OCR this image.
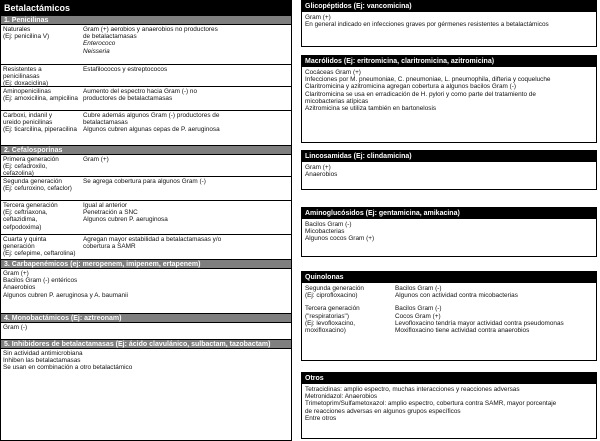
Betalactámicos
1. Penicilinas
Naturales
(Ej: penicilina V)
Gram (+) aerobios y anaerobios no productores
de betalactamasas
Enterococo
Neisseria
Resistentes a penicilinasas
(Ej: doxaciclina)
Estafilococos y estreptococos
Aminopenicilinas
(Ej: amoxicilina, ampicilina
Aumento del espectro hacia Gram (-) no
productores de betalactamasas
Carboxi, indanil y
ureido penicilinas
(Ej: ticarcilina, piperacilina
Cubre además algunos Gram (-) productores de
betalactamasas
Algunos cubren algunas cepas de P. aeruginosa
2. Cefalosporinas
Primera generación
(Ej: cefadroxilo, cefazolina)
Gram (+)
Segunda generación
(Ej: cefuroxino, cefaclor)
Se agrega cobertura para algunos Gram (-)
Tercera generación
(Ej: ceftriaxona, ceftazidima,
cefpodoxima)
Igual al anterior
Penetración a SNC
Algunos cubren P. aeruginosa
Cuarta y quinta generación
(Ej: cefepime, ceftarolina)
Agregan mayor estabilidad a betalactamasas y/o
cobertura a SAMR
3. Carbapenémicos (ej: meropenem, imipenem, ertapenem)
Gram (+)
Bacilos Gram (-) entéricos
Anaerobios
Algunos cubren P. aeruginosa y A. baumanii
4. Monobactámicos (Ej: aztreonam)
Gram (-)
5. Inhibidores de betalactamasas (Ej: ácido clavulánico, sulbactam, tazobactam)
Sin actividad antimicrobiana
Inhiben las betalactamasas
Se usan en combinación a otro betalactámico
Glicopéptidos (Ej: vancomicina)
Gram (+)
En general indicado en infecciones graves por gérmenes resistentes a betalactámicos
Macrólidos (Ej: eritromicina, claritromicina, azitromicina)
Cocáceas Gram (+)
Infecciones por M. pneumoniae, C. pneumoniae, L. pneumophila, difteria y coqueluche
Claritromicina y azitromicina agregan cobertura a algunos bacilos Gram (-)
Claritromicina se usa en erradicación de H. pylori y como parte del tratamiento de
micobacterias atípicas
Azitromicina se utiliza también en bartonelosis
Lincosamidas (Ej: clindamicina)
Gram (+)
Anaerobios
Aminoglucósidos (Ej: gentamicina, amikacina)
Bacilos Gram (-)
Micobacterias
Algunos cocos Gram (+)
Quinolonas
Segunda generación
(Ej: ciprofloxacino)
Bacilos Gram (-)
Algunos con actividad contra micobacterias
Tercera generación
("respiratorias")
(Ej: levofloxacino,
moxifloxacino)
Bacilos Gram (-)
Cocos Gram (+)
Levofloxacino tendría mayor actividad contra pseudomonas
Moxifloxacino tiene actividad contra anaerobios
Otros
Tetraciclinas: amplio espectro, muchas interacciones y reacciones adversas
Metronidazol: Anaerobios
Trimetoprim/Sulfametoxazol: amplio espectro, cobertura contra SAMR, mayor porcentaje
de reacciones adversas en algunos grupos específicos
Entre otros
